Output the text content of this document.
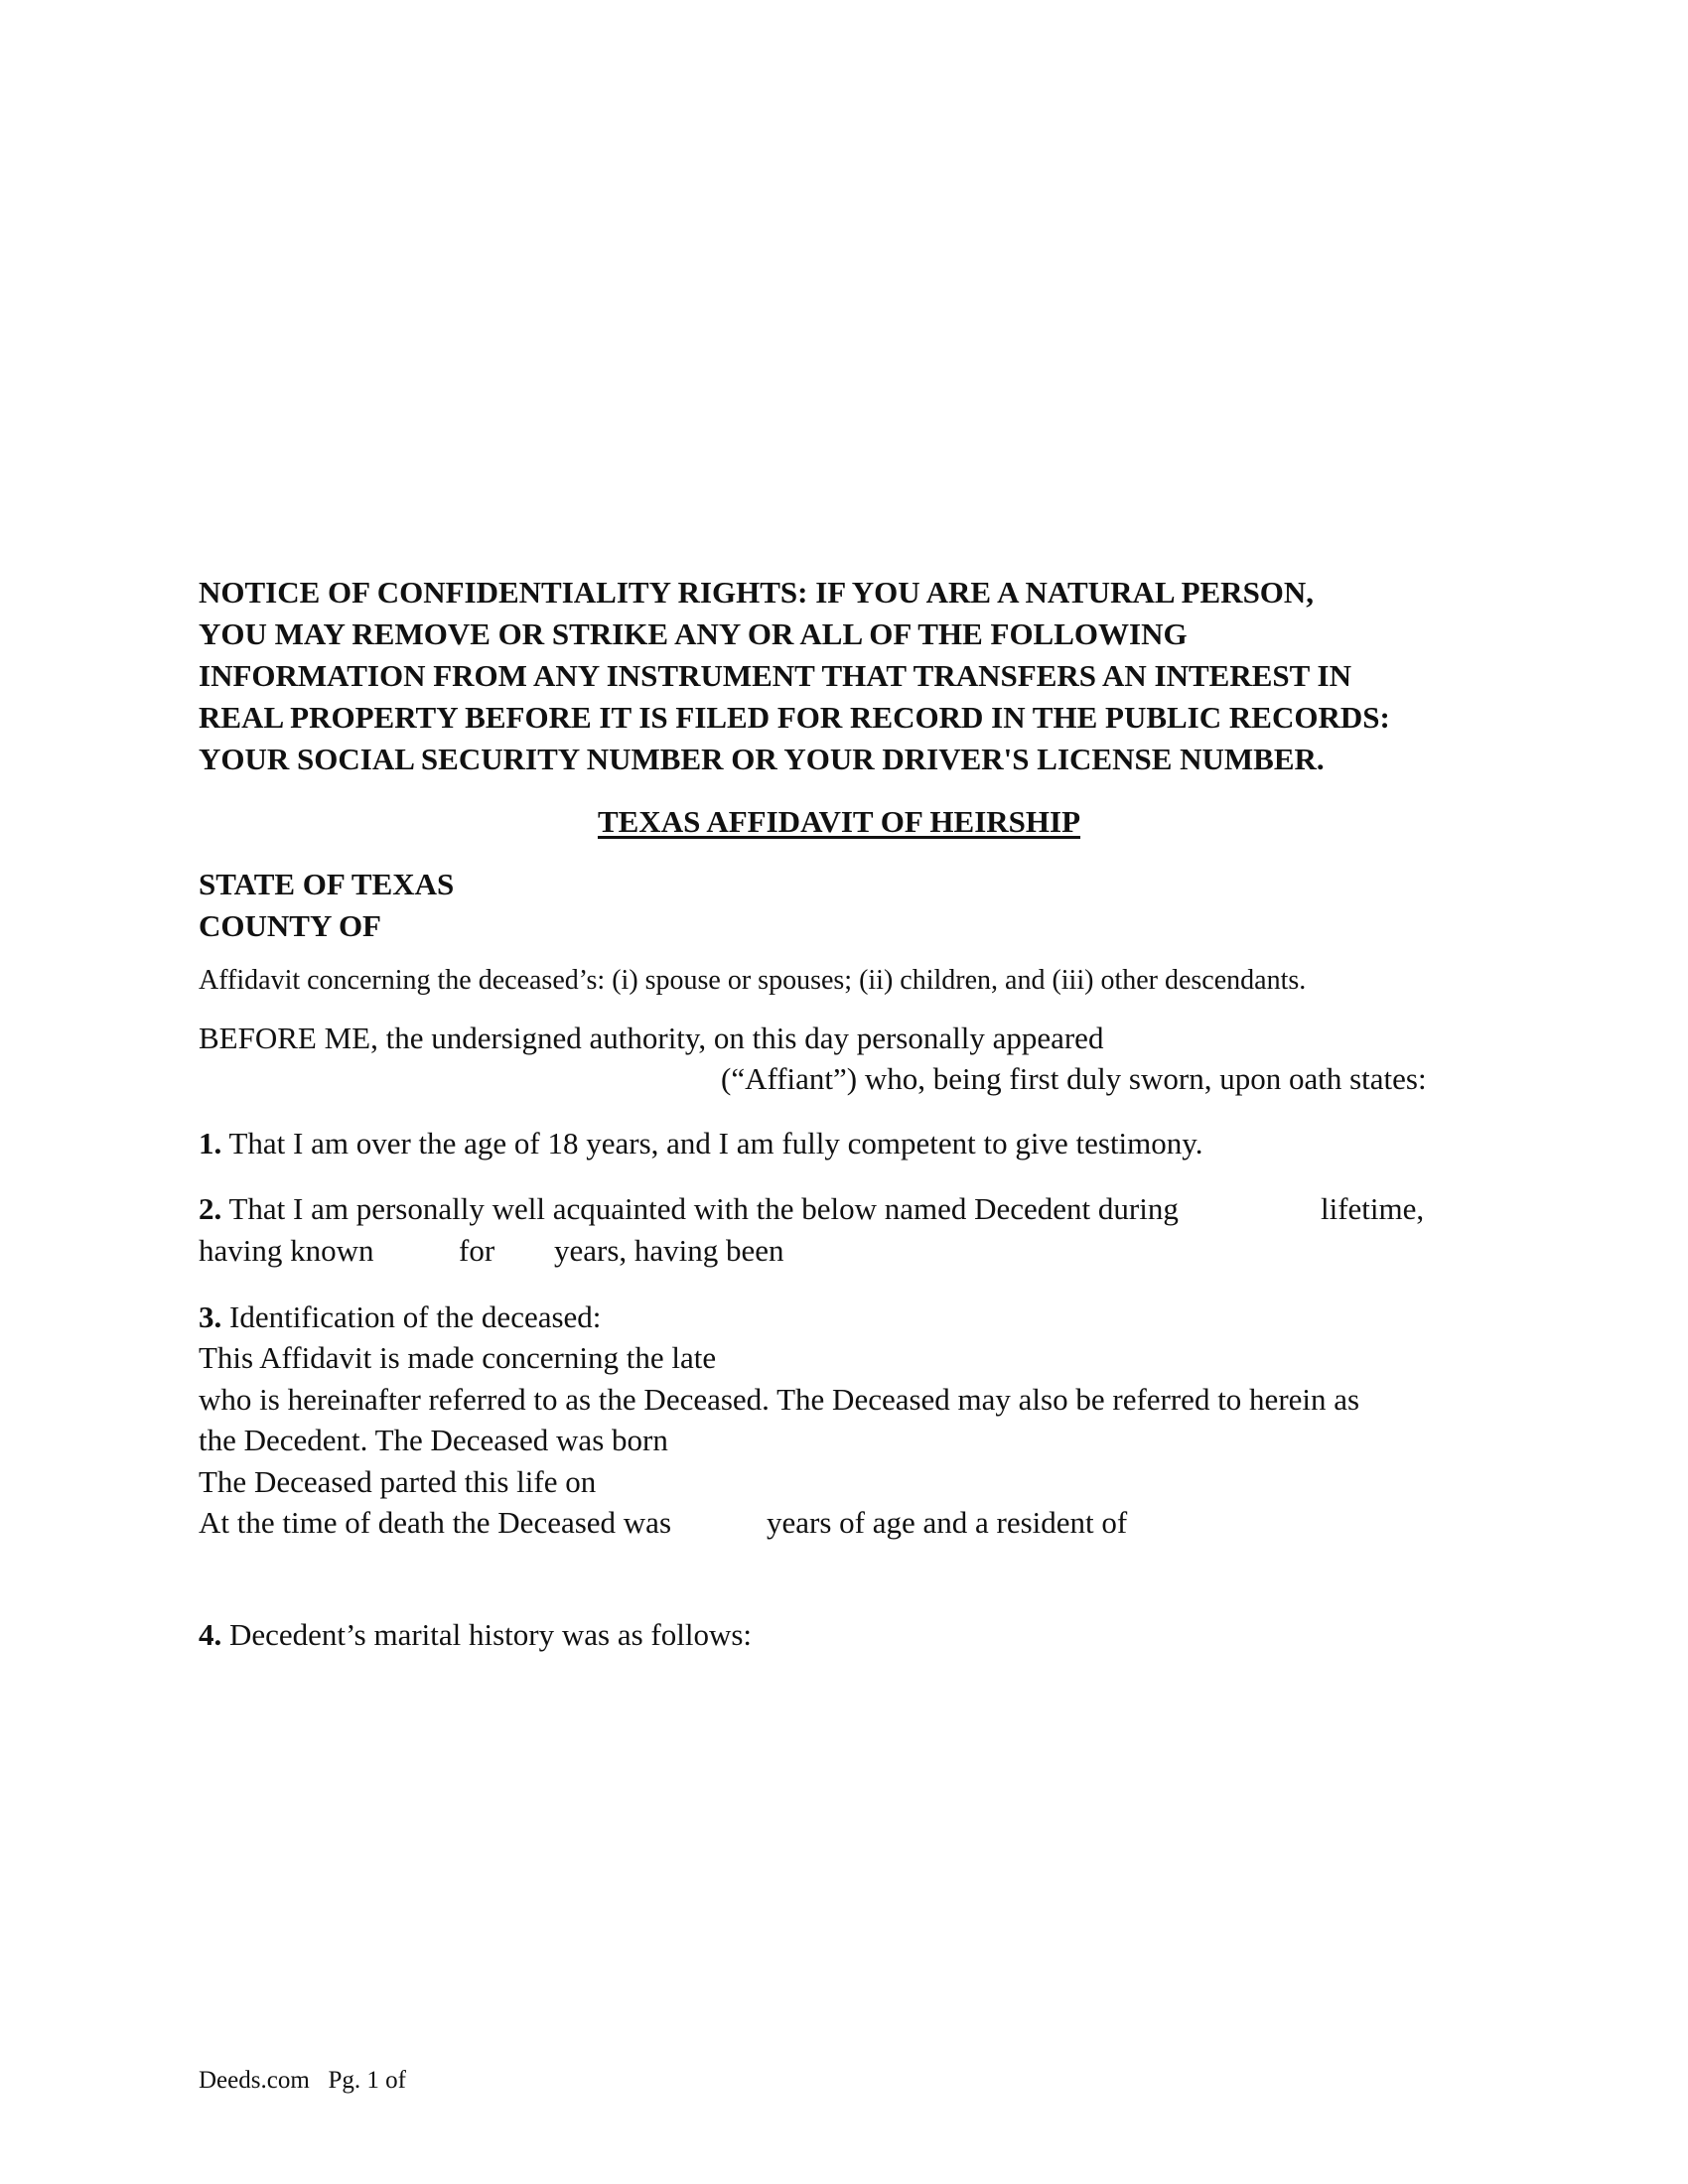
NOTICE OF CONFIDENTIALITY RIGHTS: IF YOU ARE A NATURAL PERSON,
YOU MAY REMOVE OR STRIKE ANY OR ALL OF THE FOLLOWING
INFORMATION FROM ANY INSTRUMENT THAT TRANSFERS AN INTEREST IN
REAL PROPERTY BEFORE IT IS FILED FOR RECORD IN THE PUBLIC RECORDS:
YOUR SOCIAL SECURITY NUMBER OR YOUR DRIVER'S LICENSE NUMBER.
TEXAS AFFIDAVIT OF HEIRSHIP
STATE OF TEXAS
COUNTY OF
Affidavit concerning the deceased’s: (i) spouse or spouses; (ii) children, and (iii) other descendants.
BEFORE ME, the undersigned authority, on this day personally appeared
(“Affiant”) who, being first duly sworn, upon oath states:
1. That I am over the age of 18 years, and I am fully competent to give testimony.
2. That I am personally well acquainted with the below named Decedent during	lifetime,
having known	for years, having been
3. Identification of the deceased:
This Affidavit is made concerning the late
who is hereinafter referred to as the Deceased. The Deceased may also be referred to herein as
the Decedent. The Deceased was born
The Deceased parted this life on
At the time of death the Deceased was	years of age and a resident of
4. Decedent’s marital history was as follows:
Deeds.com Pg. 1 of
